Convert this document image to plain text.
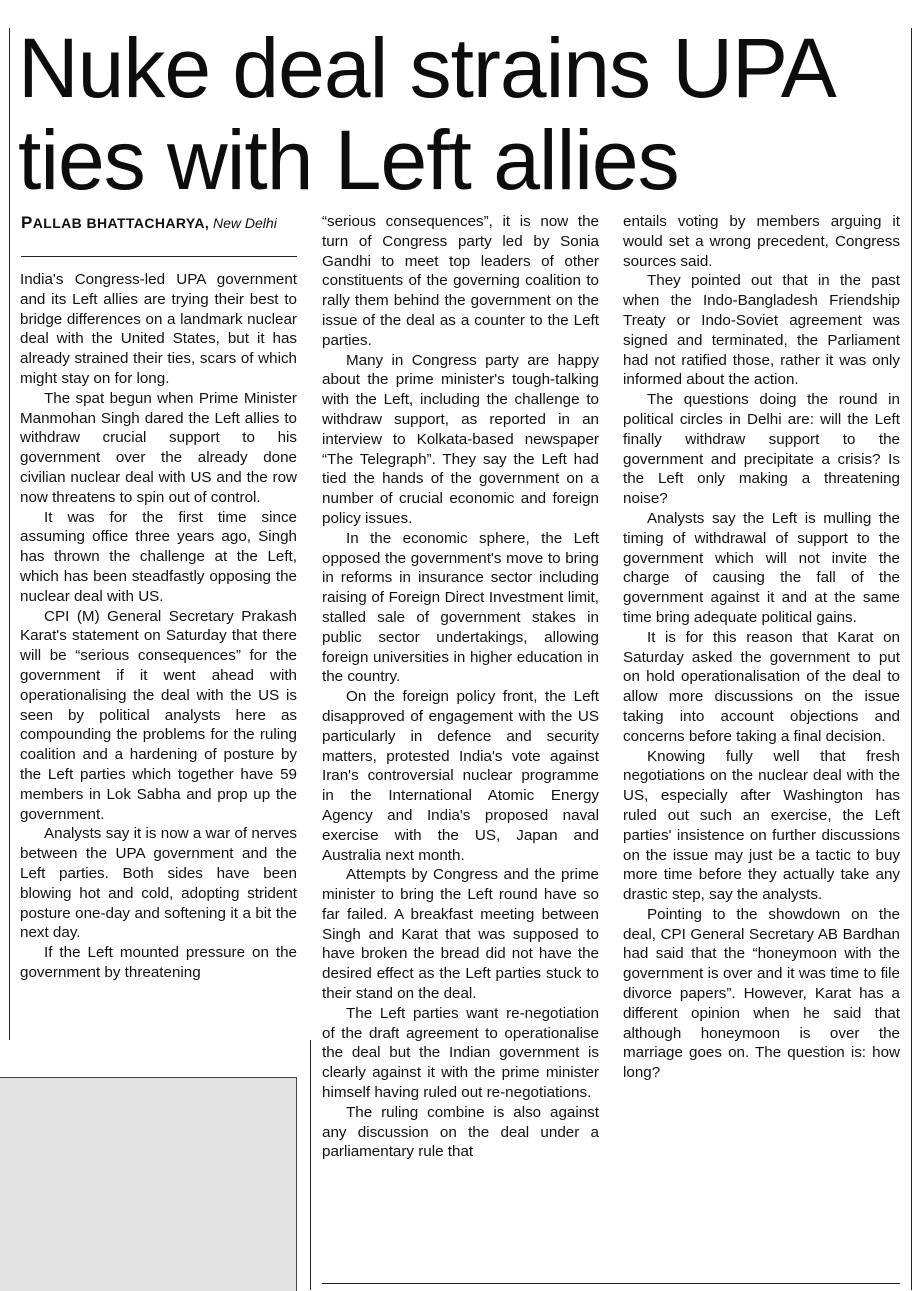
Nuke deal strains UPA ties with Left allies
PALLAB BHATTACHARYA, New Delhi

India's Congress-led UPA government and its Left allies are trying their best to bridge differences on a landmark nuclear deal with the United States, but it has already strained their ties, scars of which might stay on for long.

The spat begun when Prime Minister Manmohan Singh dared the Left allies to withdraw crucial support to his government over the already done civilian nuclear deal with US and the row now threatens to spin out of control.

It was for the first time since assuming office three years ago, Singh has thrown the challenge at the Left, which has been steadfastly opposing the nuclear deal with US.

CPI (M) General Secretary Prakash Karat's statement on Saturday that there will be “serious consequences” for the government if it went ahead with operationalising the deal with the US is seen by political analysts here as compounding the problems for the ruling coalition and a hardening of posture by the Left parties which together have 59 members in Lok Sabha and prop up the government.

Analysts say it is now a war of nerves between the UPA government and the Left parties. Both sides have been blowing hot and cold, adopting strident posture one-day and softening it a bit the next day.

If the Left mounted pressure on the government by threatening

“serious consequences”, it is now the turn of Congress party led by Sonia Gandhi to meet top leaders of other constituents of the governing coalition to rally them behind the government on the issue of the deal as a counter to the Left parties.

Many in Congress party are happy about the prime minister's tough-talking with the Left, including the challenge to withdraw support, as reported in an interview to Kolkata-based newspaper “The Telegraph”. They say the Left had tied the hands of the government on a number of crucial economic and foreign policy issues.

In the economic sphere, the Left opposed the government's move to bring in reforms in insurance sector including raising of Foreign Direct Investment limit, stalled sale of government stakes in public sector undertakings, allowing foreign universities in higher education in the country.

On the foreign policy front, the Left disapproved of engagement with the US particularly in defence and security matters, protested India's vote against Iran's controversial nuclear programme in the International Atomic Energy Agency and India's proposed naval exercise with the US, Japan and Australia next month.

Attempts by Congress and the prime minister to bring the Left round have so far failed. A breakfast meeting between Singh and Karat that was supposed to have broken the bread did not have the desired effect as the Left parties stuck to their stand on the deal.

The Left parties want re-negotiation of the draft agreement to operationalise the deal but the Indian government is clearly against it with the prime minister himself having ruled out re-negotiations.

The ruling combine is also against any discussion on the deal under a parliamentary rule that

entails voting by members arguing it would set a wrong precedent, Congress sources said.

They pointed out that in the past when the Indo-Bangladesh Friendship Treaty or Indo-Soviet agreement was signed and terminated, the Parliament had not ratified those, rather it was only informed about the action.

The questions doing the round in political circles in Delhi are: will the Left finally withdraw support to the government and precipitate a crisis? Is the Left only making a threatening noise?

Analysts say the Left is mulling the timing of withdrawal of support to the government which will not invite the charge of causing the fall of the government against it and at the same time bring adequate political gains.

It is for this reason that Karat on Saturday asked the government to put on hold operationalisation of the deal to allow more discussions on the issue taking into account objections and concerns before taking a final decision.

Knowing fully well that fresh negotiations on the nuclear deal with the US, especially after Washington has ruled out such an exercise, the Left parties' insistence on further discussions on the issue may just be a tactic to buy more time before they actually take any drastic step, say the analysts.

Pointing to the showdown on the deal, CPI General Secretary AB Bardhan had said that the “honeymoon with the government is over and it was time to file divorce papers”. However, Karat has a different opinion when he said that although honeymoon is over the marriage goes on. The question is: how long?
